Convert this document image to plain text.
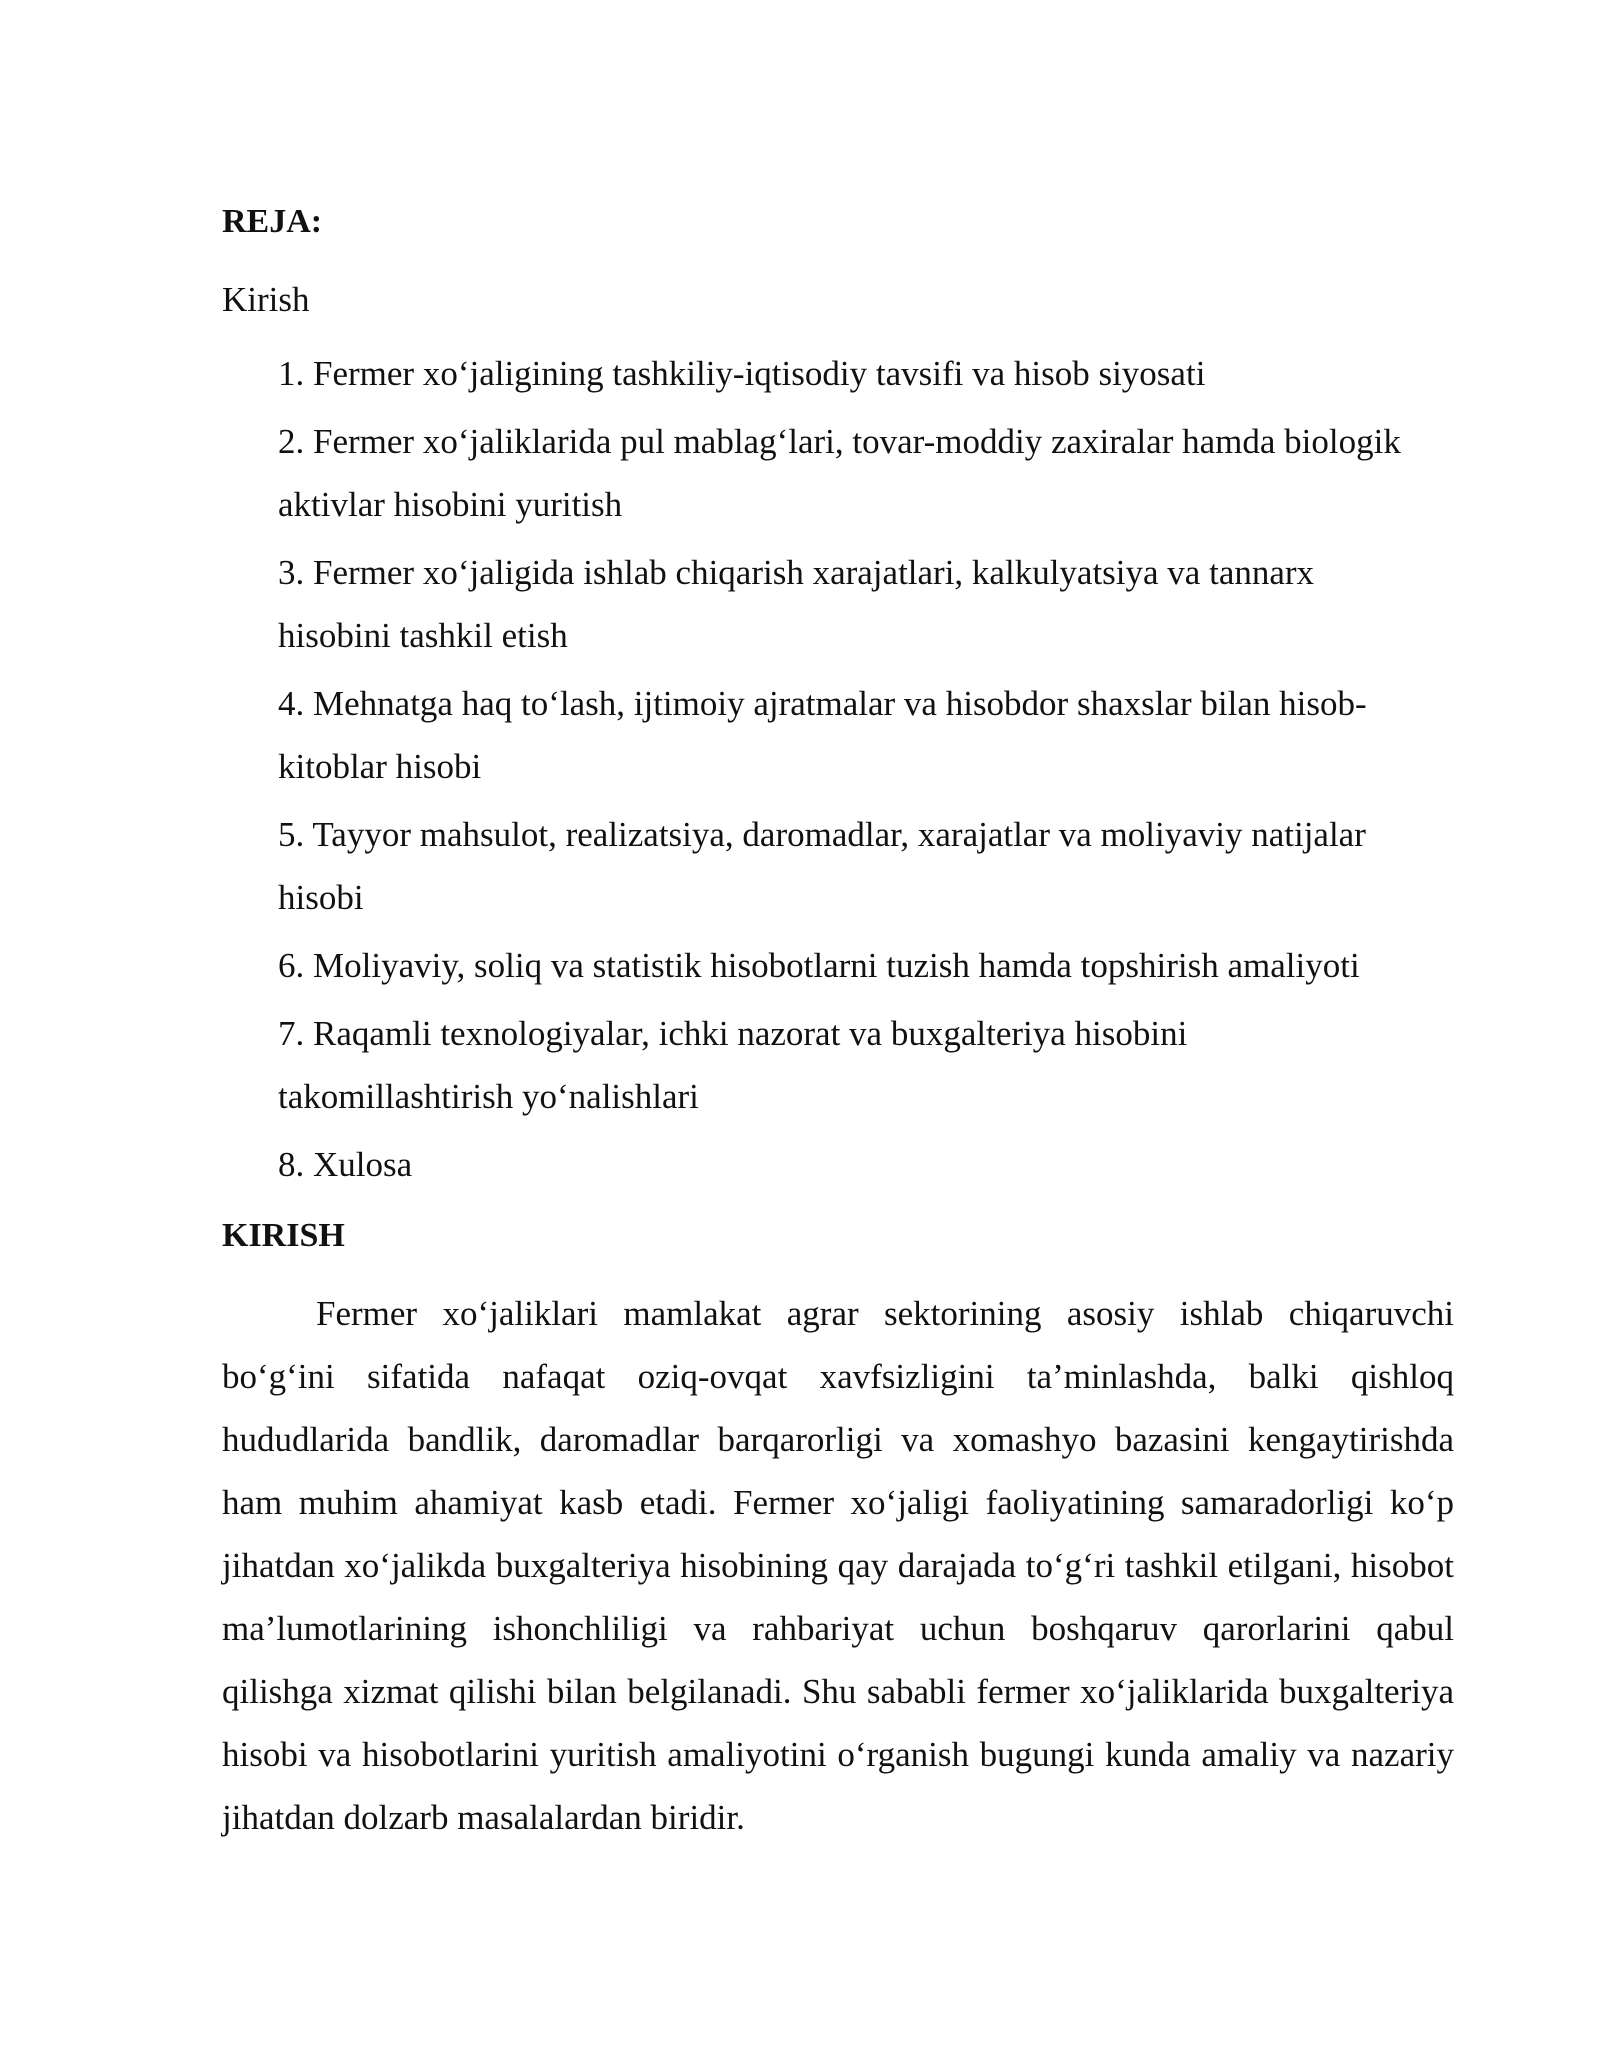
REJA:
Kirish
1. Fermer xo‘jaligining tashkiliy-iqtisodiy tavsifi va hisob siyosati
2. Fermer xo‘jaliklarida pul mablag‘lari, tovar-moddiy zaxiralar hamda biologik aktivlar hisobini yuritish
3. Fermer xo‘jaligida ishlab chiqarish xarajatlari, kalkulyatsiya va tannarx hisobini tashkil etish
4. Mehnatga haq to‘lash, ijtimoiy ajratmalar va hisobdor shaxslar bilan hisob-kitoblar hisobi
5. Tayyor mahsulot, realizatsiya, daromadlar, xarajatlar va moliyaviy natijalar hisobi
6. Moliyaviy, soliq va statistik hisobotlarni tuzish hamda topshirish amaliyoti
7. Raqamli texnologiyalar, ichki nazorat va buxgalteriya hisobini takomillashtirish yo‘nalishlari
8. Xulosa
KIRISH

Fermer xo‘jaliklari mamlakat agrar sektorining asosiy ishlab chiqaruvchi bo‘g‘ini sifatida nafaqat oziq-ovqat xavfsizligini ta’minlashda, balki qishloq hududlarida bandlik, daromadlar barqarorligi va xomashyo bazasini kengaytirishda ham muhim ahamiyat kasb etadi. Fermer xo‘jaligi faoliyatining samaradorligi ko‘p jihatdan xo‘jalikda buxgalteriya hisobining qay darajada to‘g‘ri tashkil etilgani, hisobot ma’lumotlarining ishonchliligi va rahbariyat uchun boshqaruv qarorlarini qabul qilishga xizmat qilishi bilan belgilanadi. Shu sababli fermer xo‘jaliklarida buxgalteriya hisobi va hisobotlarini yuritish amaliyotini o‘rganish bugungi kunda amaliy va nazariy jihatdan dolzarb masalalardan biridir.
